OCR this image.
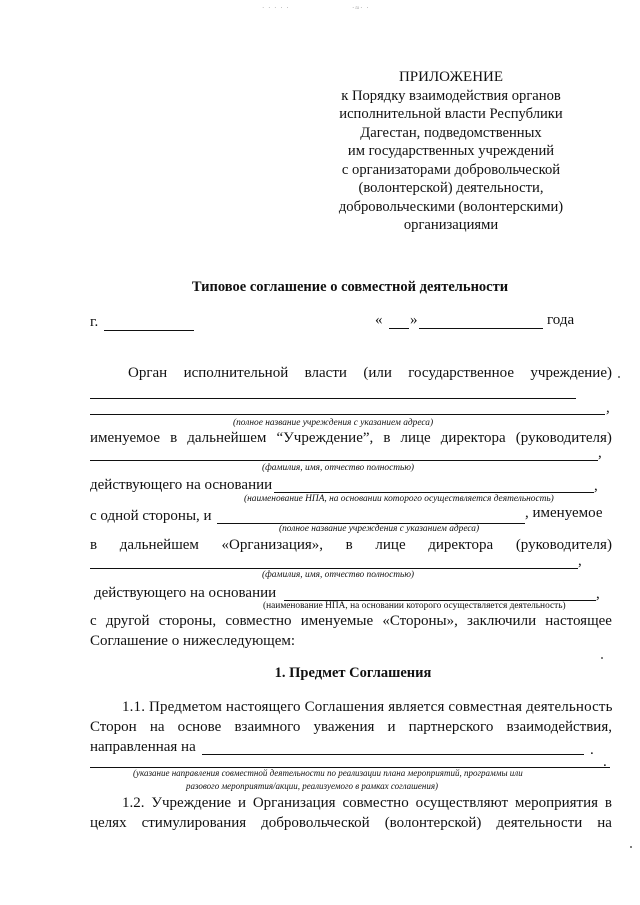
· · · · ·	·≈· ·
ПРИЛОЖЕНИЕ
к Порядку взаимодействия органов
исполнительной власти Республики
Дагестан, подведомственных
им государственных учреждений
с организаторами добровольческой
(волонтерской) деятельности,
добровольческими (волонтерскими)
организациями
Типовое соглашение о совместной деятельности
г.	« »	года
Орган исполнительной власти (или государственное учреждение)
,
(полное название учреждения с указанием адреса)
именуемое в дальнейшем “Учреждение”, в лице директора (руководителя)
,
(фамилия, имя, отчество полностью)
действующего на основании	,
(наименование НПА, на основании которого осуществляется деятельность)
с одной стороны, и	, именуемое
(полное название учреждения с указанием адреса)
в дальнейшем «Организация», в лице директора (руководителя)
,
(фамилия, имя, отчество полностью)
действующего на основании	,
(наименование НПА, на основании которого осуществляется деятельность)
с другой стороны, совместно именуемые «Стороны», заключили настоящее
Соглашение о нижеследующем:
1. Предмет Соглашения
1.1. Предметом настоящего Соглашения является совместная деятельность
Сторон на основе взаимного уважения и партнерского взаимодействия,
направленная на	.
.
(указание направления совместной деятельности по реализации плана мероприятий, программы или
разового мероприятия/акции, реализуемого в рамках соглашения)
1.2. Учреждение и Организация совместно осуществляют мероприятия в
целях стимулирования добровольческой (волонтерской) деятельности на
